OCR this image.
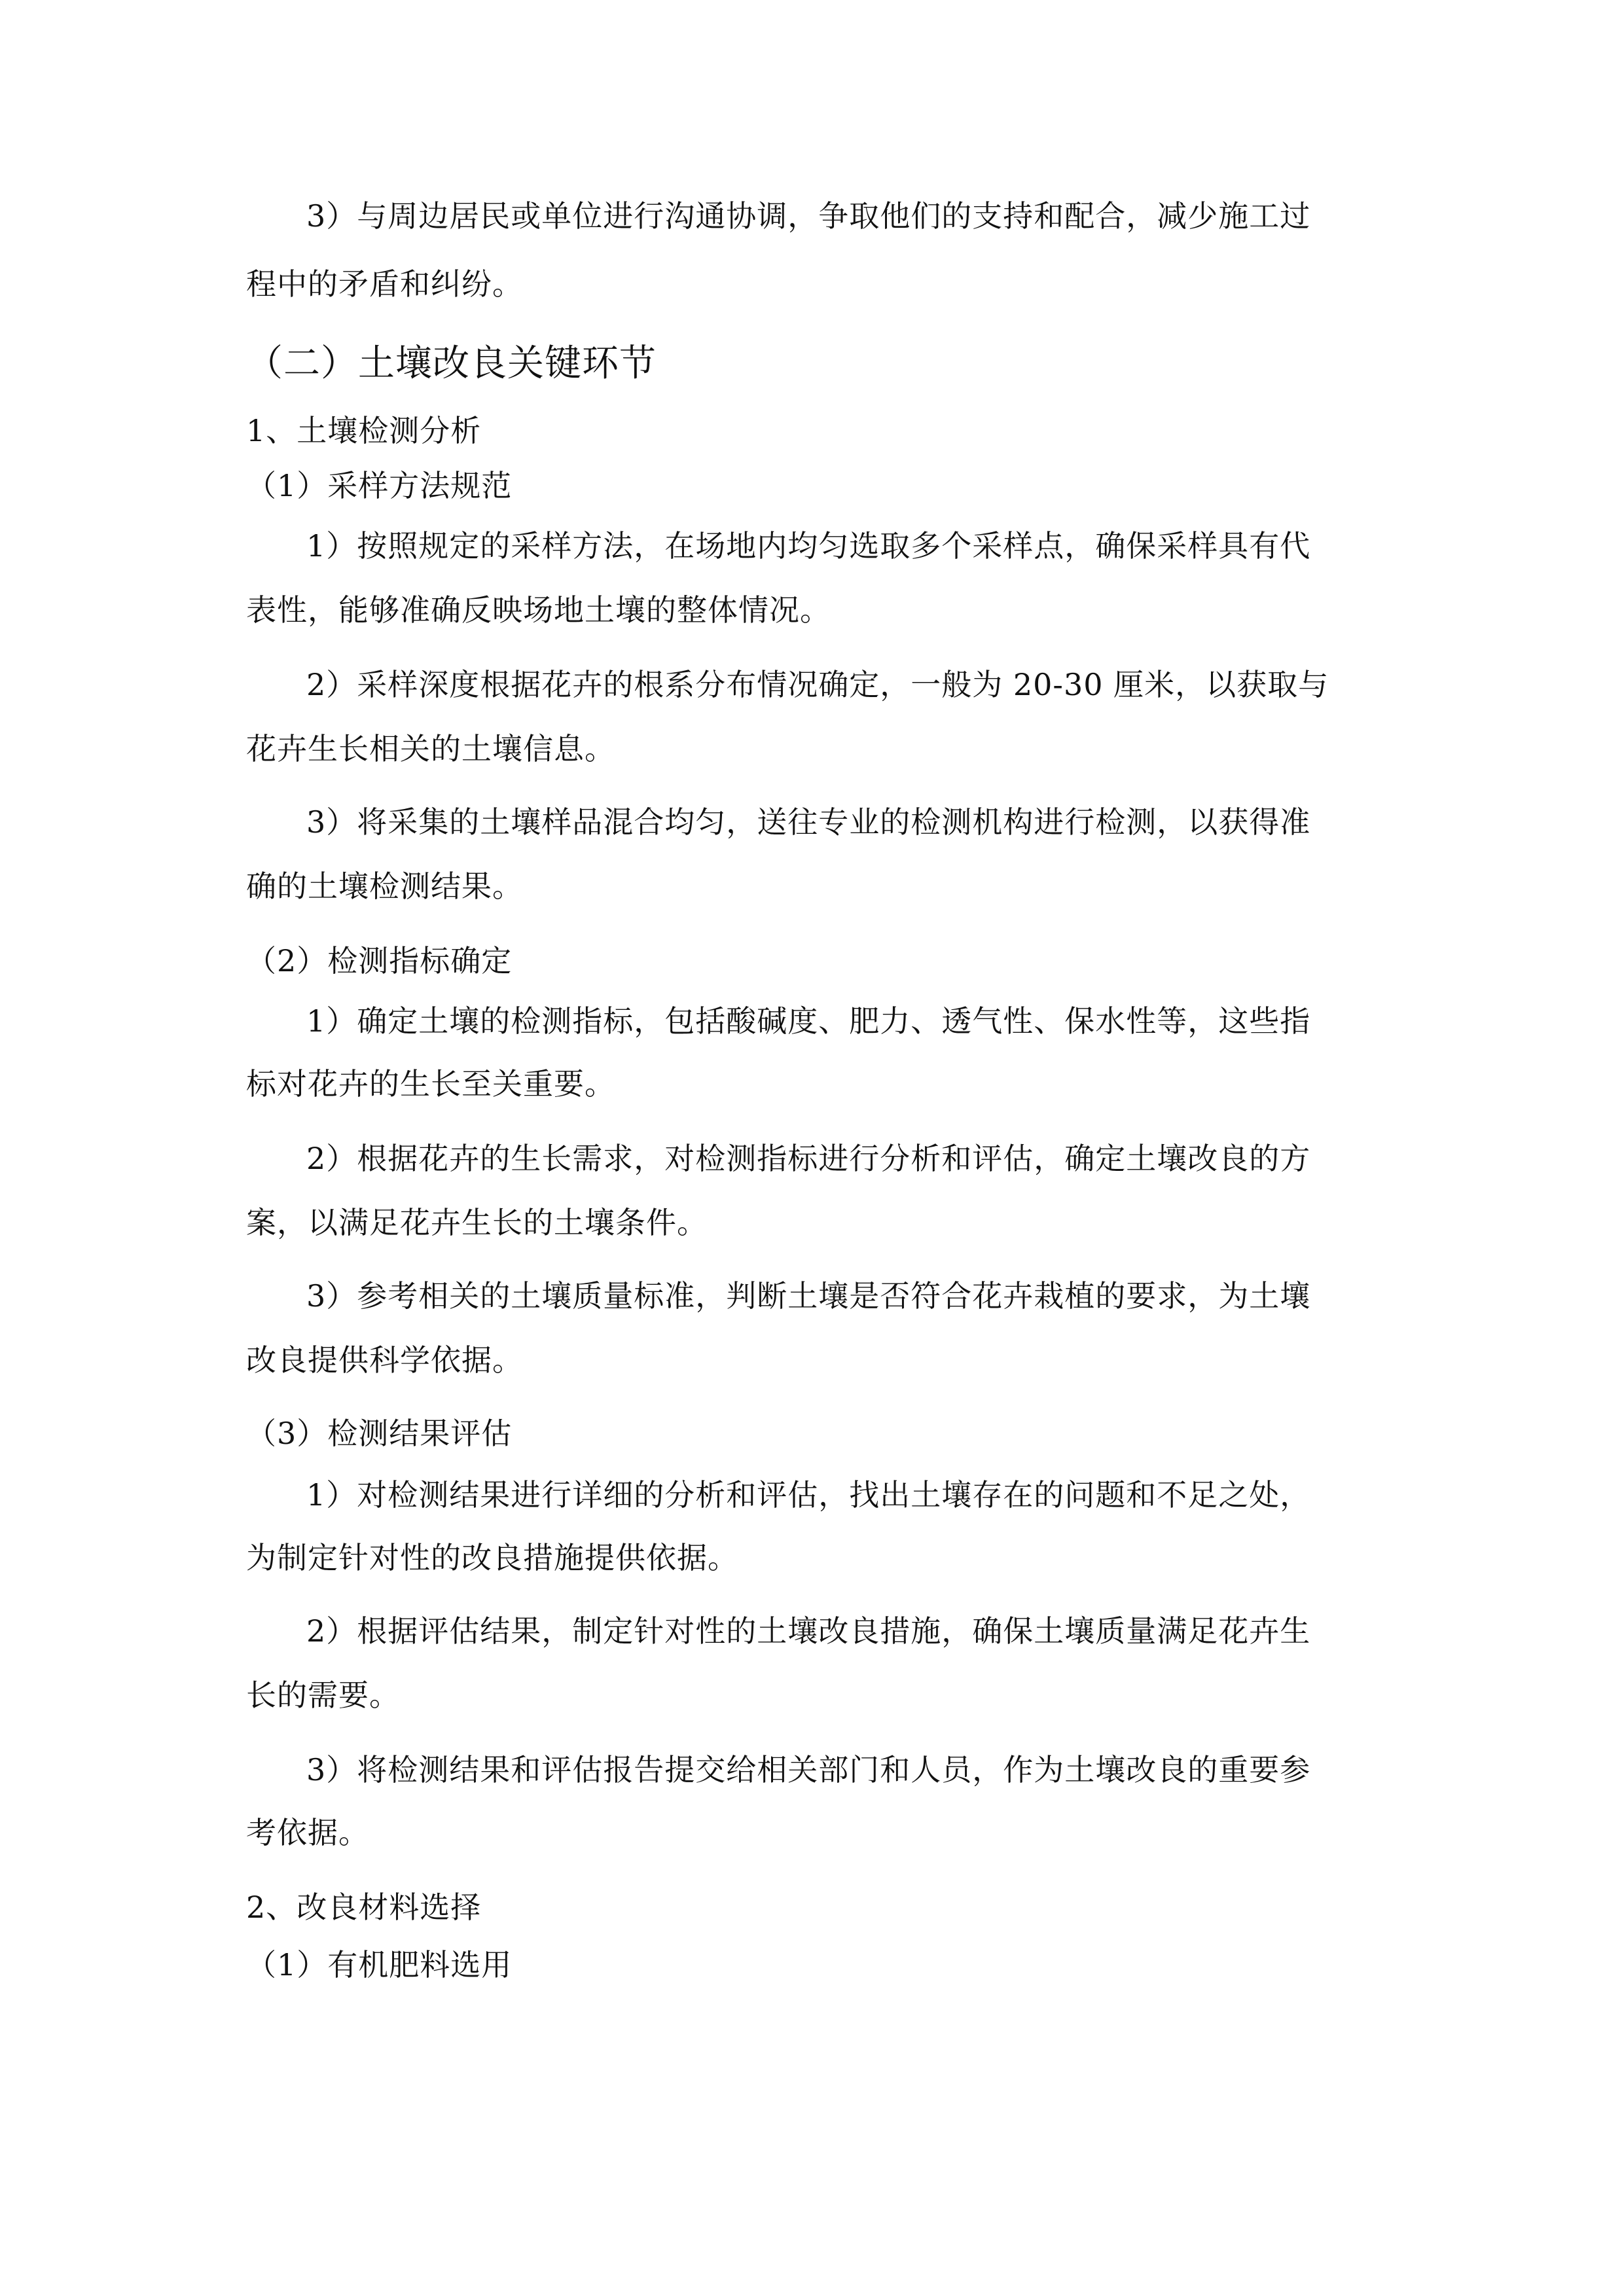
3）与周边居民或单位进行沟通协调，争取他们的支持和配合，减少施工过
程中的矛盾和纠纷。
（二）土壤改良关键环节
1、土壤检测分析
（1）采样方法规范
1）按照规定的采样方法，在场地内均匀选取多个采样点，确保采样具有代
表性，能够准确反映场地土壤的整体情况。
2）采样深度根据花卉的根系分布情况确定，一般为 20-30 厘米，以获取与
花卉生长相关的土壤信息。
3）将采集的土壤样品混合均匀，送往专业的检测机构进行检测，以获得准
确的土壤检测结果。
（2）检测指标确定
1）确定土壤的检测指标，包括酸碱度、肥力、透气性、保水性等，这些指
标对花卉的生长至关重要。
2）根据花卉的生长需求，对检测指标进行分析和评估，确定土壤改良的方
案，以满足花卉生长的土壤条件。
3）参考相关的土壤质量标准，判断土壤是否符合花卉栽植的要求，为土壤
改良提供科学依据。
（3）检测结果评估
1）对检测结果进行详细的分析和评估，找出土壤存在的问题和不足之处，
为制定针对性的改良措施提供依据。
2）根据评估结果，制定针对性的土壤改良措施，确保土壤质量满足花卉生
长的需要。
3）将检测结果和评估报告提交给相关部门和人员，作为土壤改良的重要参
考依据。
2、改良材料选择
（1）有机肥料选用
